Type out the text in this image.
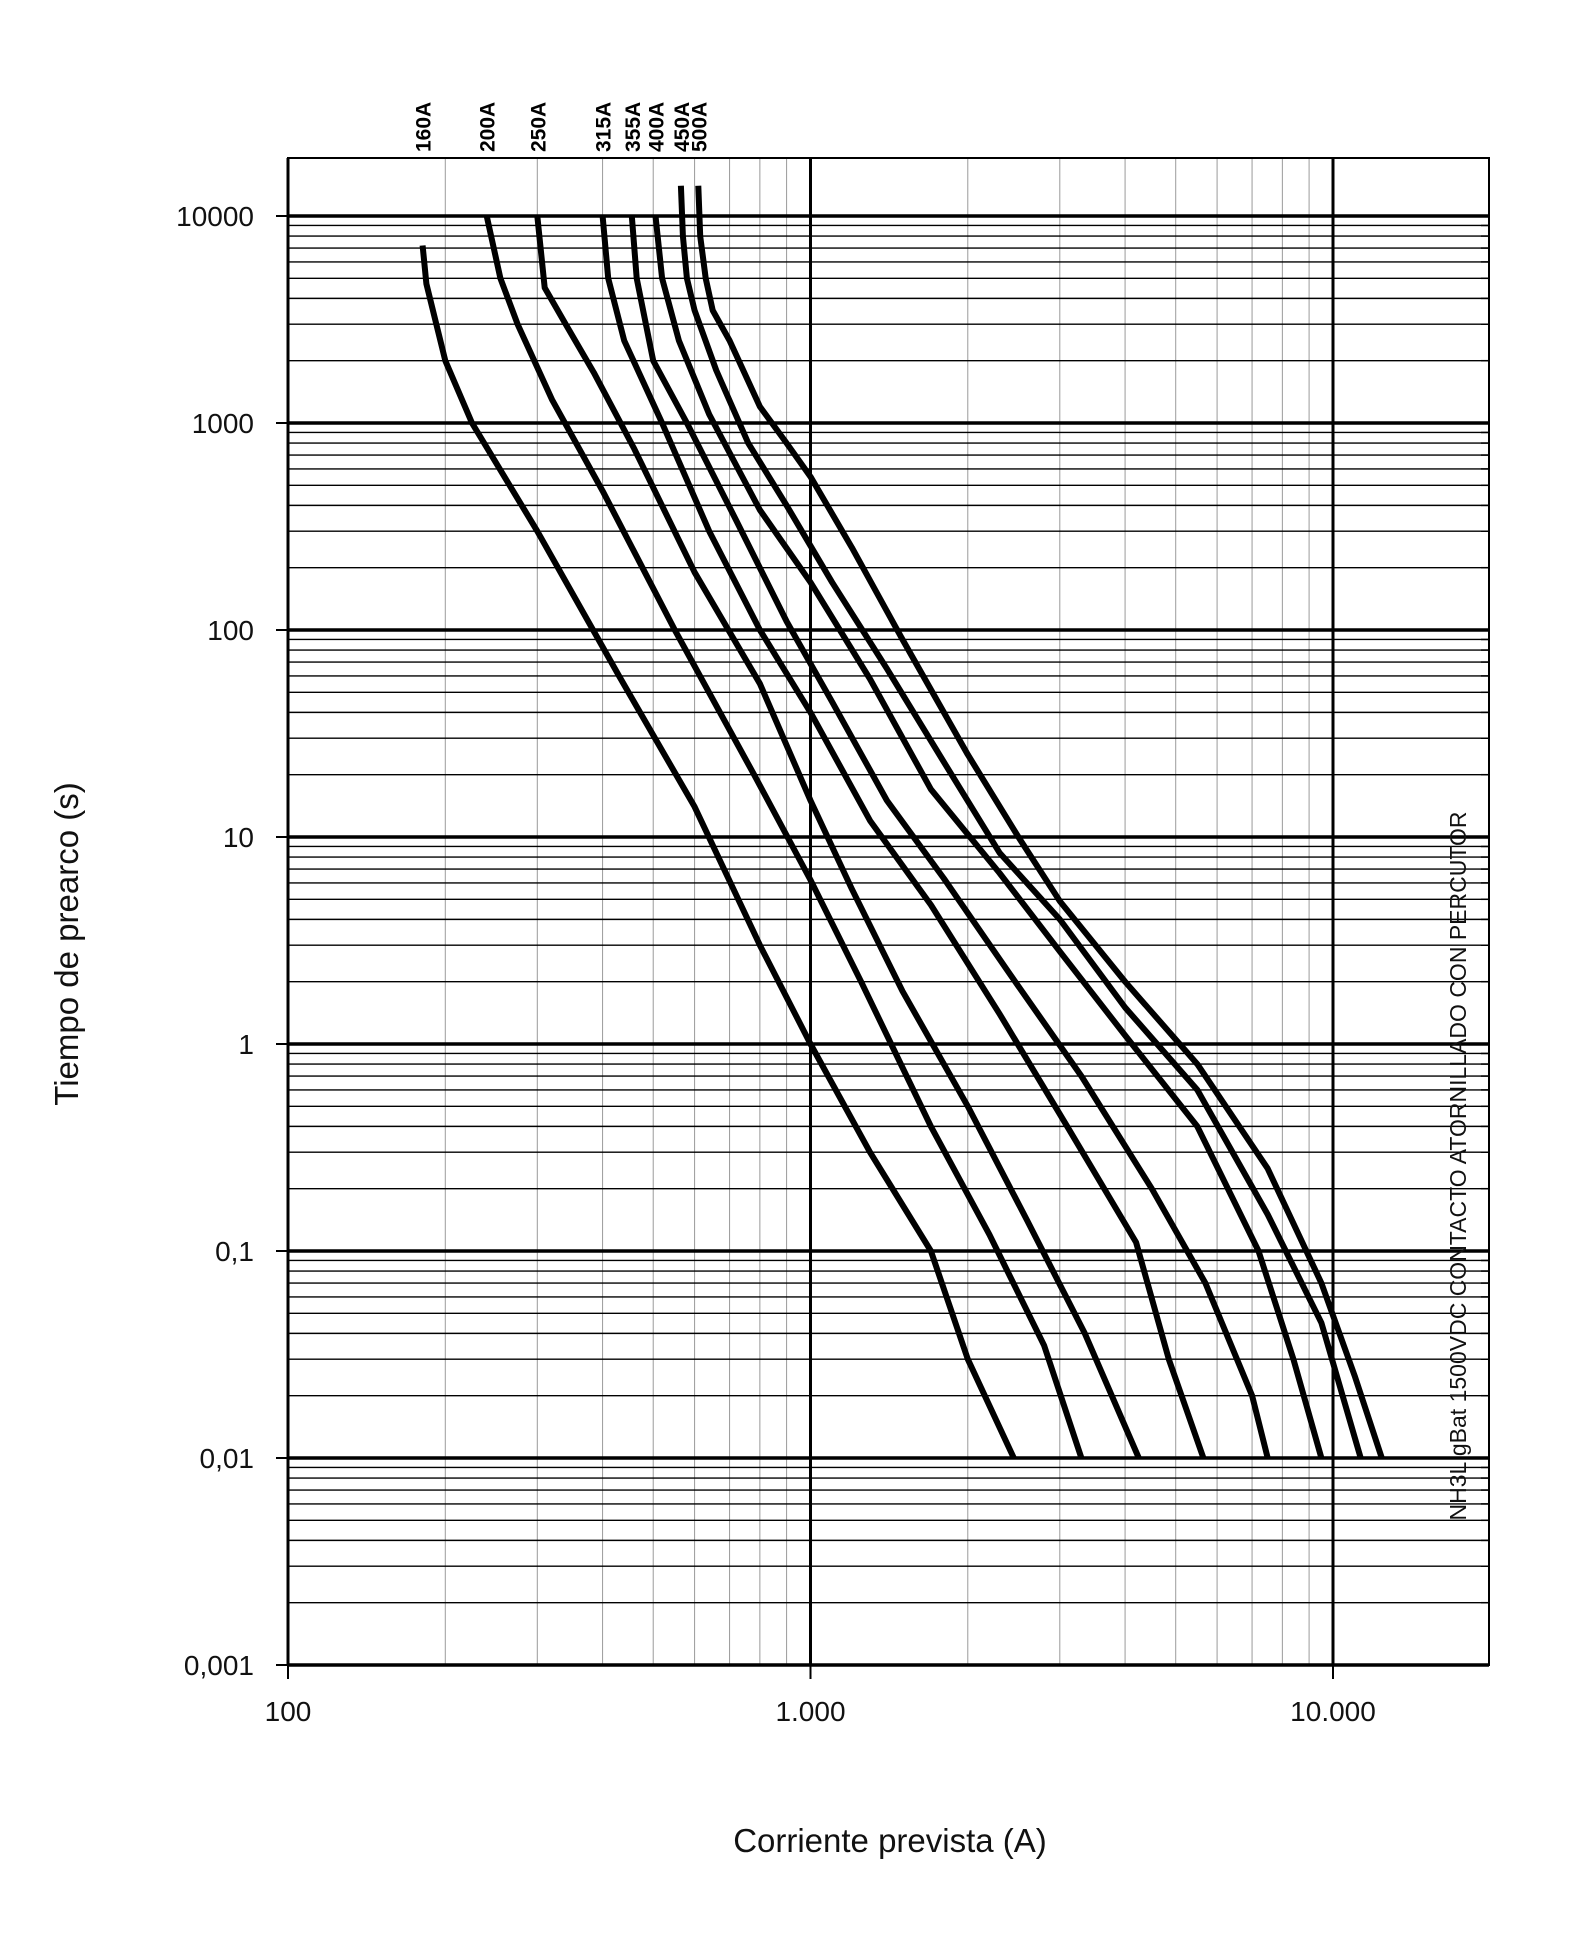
100	1.000	10.000
10000
1000
100
10
1
0,1
0,01
0,001
160A 200A 250A 315A 355A 400A 450A
500A
Corriente prevista (A)
Tiempo de prearco (s)	NH3L gBat 1500VDC CONTACTO ATORNILLADO CON PERCUTOR
